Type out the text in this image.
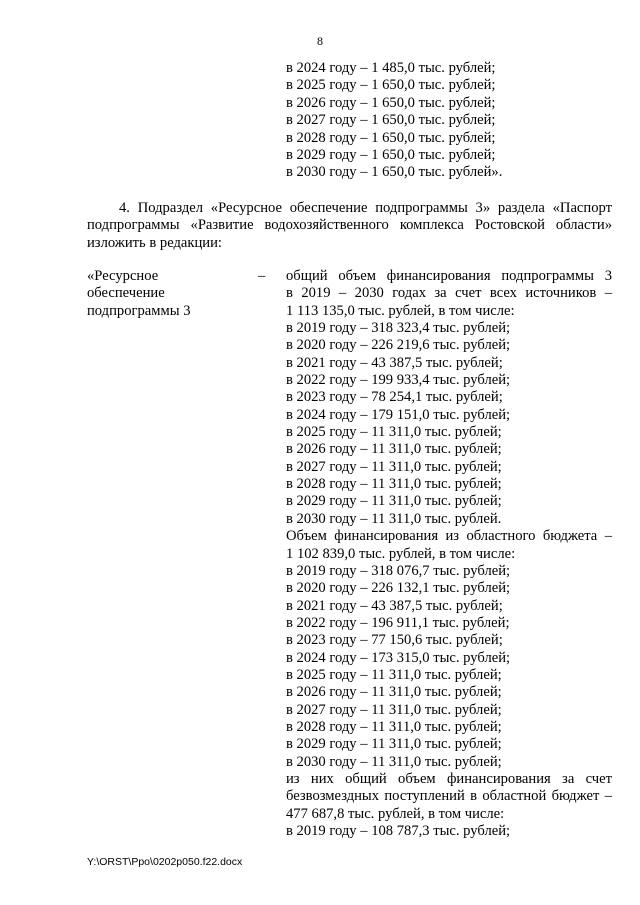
8
в 2024 году – 1 485,0 тыс. рублей;
в 2025 году – 1 650,0 тыс. рублей;
в 2026 году – 1 650,0 тыс. рублей;
в 2027 году – 1 650,0 тыс. рублей;
в 2028 году – 1 650,0 тыс. рублей;
в 2029 году – 1 650,0 тыс. рублей;
в 2030 году – 1 650,0 тыс. рублей».
4. Подраздел «Ресурсное обеспечение подпрограммы 3» раздела «Паспорт
подпрограммы «Развитие водохозяйственного комплекса Ростовской области»
изложить в редакции:
«Ресурсное
обеспечение
подпрограммы 3
– общий объем финансирования подпрограммы 3
в 2019 – 2030 годах за счет всех источников –
1 113 135,0 тыс. рублей, в том числе:
в 2019 году – 318 323,4 тыс. рублей;
в 2020 году – 226 219,6 тыс. рублей;
в 2021 году – 43 387,5 тыс. рублей;
в 2022 году – 199 933,4 тыс. рублей;
в 2023 году – 78 254,1 тыс. рублей;
в 2024 году – 179 151,0 тыс. рублей;
в 2025 году – 11 311,0 тыс. рублей;
в 2026 году – 11 311,0 тыс. рублей;
в 2027 году – 11 311,0 тыс. рублей;
в 2028 году – 11 311,0 тыс. рублей;
в 2029 году – 11 311,0 тыс. рублей;
в 2030 году – 11 311,0 тыс. рублей.
Объем финансирования из областного бюджета –
1 102 839,0 тыс. рублей, в том числе:
в 2019 году – 318 076,7 тыс. рублей;
в 2020 году – 226 132,1 тыс. рублей;
в 2021 году – 43 387,5 тыс. рублей;
в 2022 году – 196 911,1 тыс. рублей;
в 2023 году – 77 150,6 тыс. рублей;
в 2024 году – 173 315,0 тыс. рублей;
в 2025 году – 11 311,0 тыс. рублей;
в 2026 году – 11 311,0 тыс. рублей;
в 2027 году – 11 311,0 тыс. рублей;
в 2028 году – 11 311,0 тыс. рублей;
в 2029 году – 11 311,0 тыс. рублей;
в 2030 году – 11 311,0 тыс. рублей;
из них общий объем финансирования за счет
безвозмездных поступлений в областной бюджет –
477 687,8 тыс. рублей, в том числе:
в 2019 году – 108 787,3 тыс. рублей;
Y:\ORST\Ppo\0202p050.f22.docx
